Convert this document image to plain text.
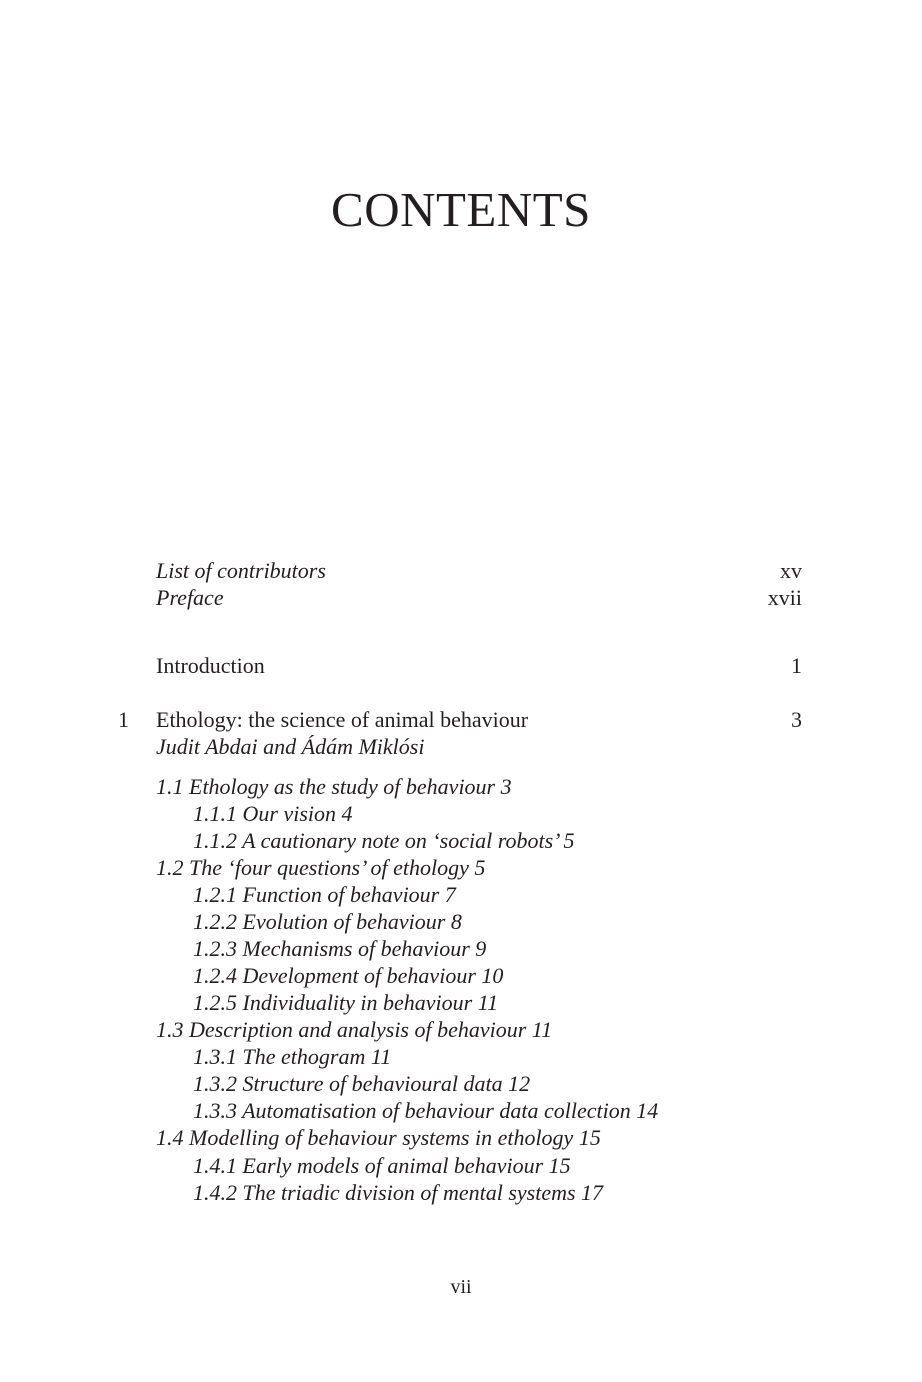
CONTENTS
List of contributors	xv
Preface	xvii
Introduction	1
1 Ethology: the science of animal behaviour	3
Judit Abdai and Ádám Miklósi
1.1 Ethology as the study of behaviour 3
1.1.1 Our vision 4
1.1.2 A cautionary note on ‘social robots’ 5
1.2 The ‘four questions’ of ethology 5
1.2.1 Function of behaviour 7
1.2.2 Evolution of behaviour 8
1.2.3 Mechanisms of behaviour 9
1.2.4 Development of behaviour 10
1.2.5 Individuality in behaviour 11
1.3 Description and analysis of behaviour 11
1.3.1 The ethogram 11
1.3.2 Structure of behavioural data 12
1.3.3 Automatisation of behaviour data collection 14
1.4 Modelling of behaviour systems in ethology 15
1.4.1 Early models of animal behaviour 15
1.4.2 The triadic division of mental systems 17
vii
